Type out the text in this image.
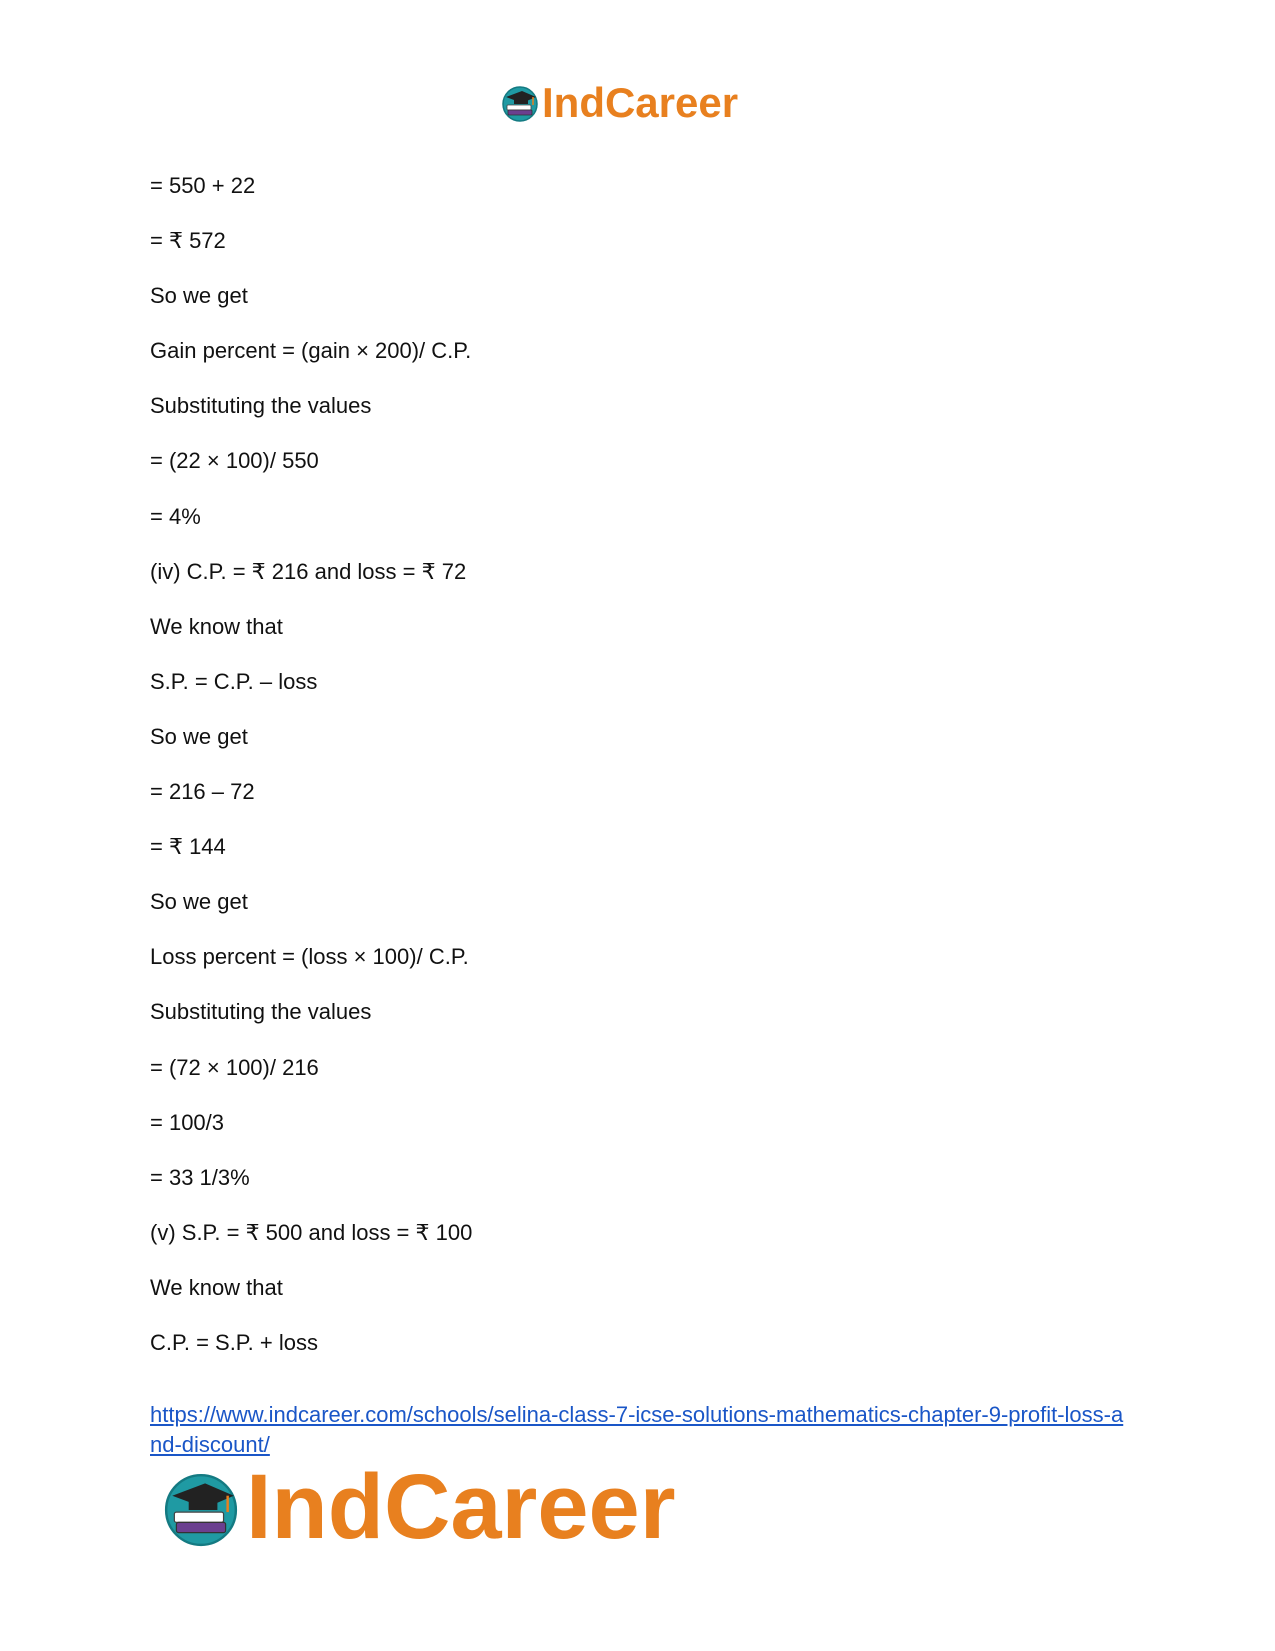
IndCareer

= 550 + 22

= ₹ 572

So we get

Gain percent = (gain × 200)/ C.P.

Substituting the values

= (22 × 100)/ 550

= 4%

(iv) C.P. = ₹ 216 and loss = ₹ 72

We know that

S.P. = C.P. – loss

So we get

= 216 – 72

= ₹ 144

So we get

Loss percent = (loss × 100)/ C.P.

Substituting the values

= (72 × 100)/ 216

= 100/3

= 33 1/3%

(v) S.P. = ₹ 500 and loss = ₹ 100

We know that

C.P. = S.P. + loss

https://www.indcareer.com/schools/selina-class-7-icse-solutions-mathematics-chapter-9-profit-loss-and-discount/
IndCareer
